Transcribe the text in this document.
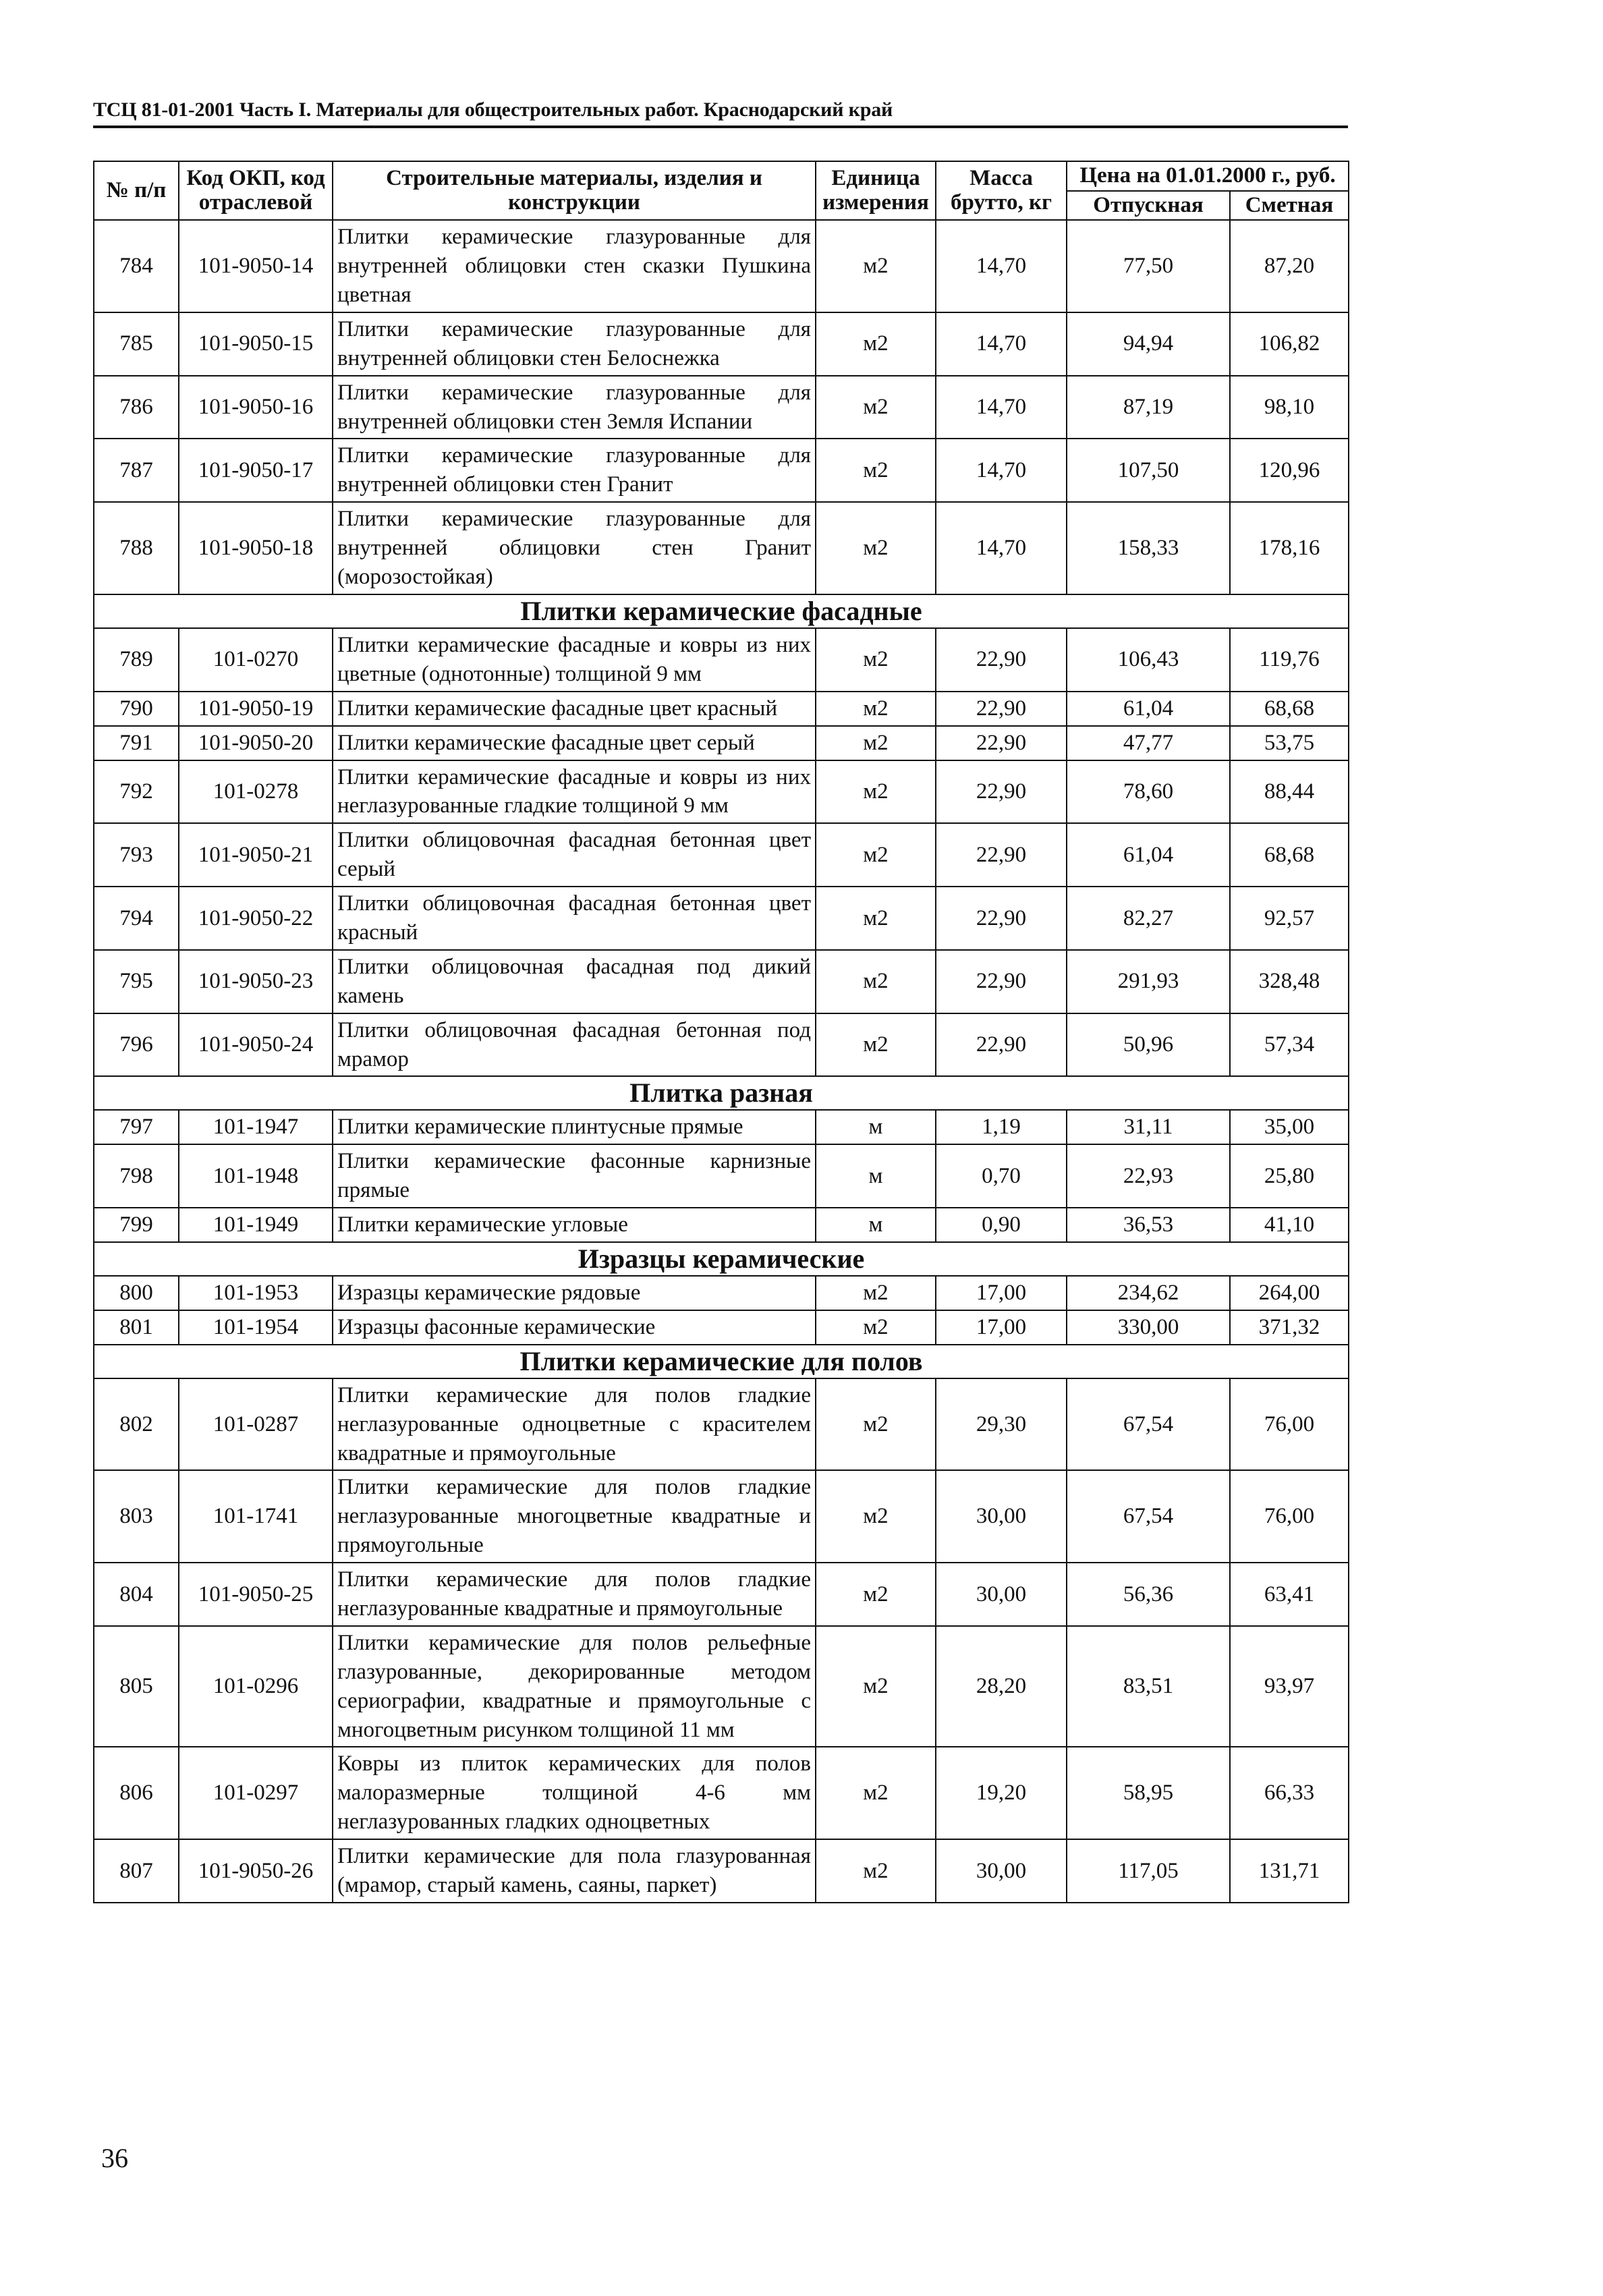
ТСЦ 81-01-2001 Часть I. Материалы для общестроительных работ. Краснодарский край
№ п/п	Код ОКП, код отраслевой	Строительные материалы, изделия и конструкции	Единица измерения	Масса брутто, кг	Цена на 01.01.2000 г., руб.	
					Отпускная	Сметная
784	101-9050-14	Плитки керамические глазурованные для внутренней облицовки стен сказки Пушкина цветная	м2	14,70	77,50	87,20
785	101-9050-15	Плитки керамические глазурованные для внутренней облицовки стен Белоснежка	м2	14,70	94,94	106,82
786	101-9050-16	Плитки керамические глазурованные для внутренней облицовки стен Земля Испании	м2	14,70	87,19	98,10
787	101-9050-17	Плитки керамические глазурованные для внутренней облицовки стен Гранит	м2	14,70	107,50	120,96
788	101-9050-18	Плитки керамические глазурованные для внутренней облицовки стен Гранит (морозостойкая)	м2	14,70	158,33	178,16
Плитки керамические фасадные						
789	101-0270	Плитки керамические фасадные и ковры из них цветные (однотонные) толщиной 9 мм	м2	22,90	106,43	119,76
790	101-9050-19	Плитки керамические фасадные цвет красный	м2	22,90	61,04	68,68
791	101-9050-20	Плитки керамические фасадные цвет серый	м2	22,90	47,77	53,75
792	101-0278	Плитки керамические фасадные и ковры из них неглазурованные гладкие толщиной 9 мм	м2	22,90	78,60	88,44
793	101-9050-21	Плитки облицовочная фасадная бетонная цвет серый	м2	22,90	61,04	68,68
794	101-9050-22	Плитки облицовочная фасадная бетонная цвет красный	м2	22,90	82,27	92,57
795	101-9050-23	Плитки облицовочная фасадная под дикий камень	м2	22,90	291,93	328,48
796	101-9050-24	Плитки облицовочная фасадная бетонная под мрамор	м2	22,90	50,96	57,34
Плитка разная						
797	101-1947	Плитки керамические плинтусные прямые	м	1,19	31,11	35,00
798	101-1948	Плитки керамические фасонные карнизные прямые	м	0,70	22,93	25,80
799	101-1949	Плитки керамические угловые	м	0,90	36,53	41,10
Изразцы керамические						
800	101-1953	Изразцы керамические рядовые	м2	17,00	234,62	264,00
801	101-1954	Изразцы фасонные керамические	м2	17,00	330,00	371,32
Плитки керамические для полов						
802	101-0287	Плитки керамические для полов гладкие неглазурованные одноцветные с красителем квадратные и прямоугольные	м2	29,30	67,54	76,00
803	101-1741	Плитки керамические для полов гладкие неглазурованные многоцветные квадратные и прямоугольные	м2	30,00	67,54	76,00
804	101-9050-25	Плитки керамические для полов гладкие неглазурованные квадратные и прямоугольные	м2	30,00	56,36	63,41
805	101-0296	Плитки керамические для полов рельефные глазурованные, декорированные методом сериографии, квадратные и прямоугольные с многоцветным рисунком толщиной 11 мм	м2	28,20	83,51	93,97
806	101-0297	Ковры из плиток керамических для полов малоразмерные толщиной 4-6 мм неглазурованных гладких одноцветных	м2	19,20	58,95	66,33
807	101-9050-26	Плитки керамические для пола глазурованная (мрамор, старый камень, саяны, паркет)	м2	30,00	117,05	131,71
36
